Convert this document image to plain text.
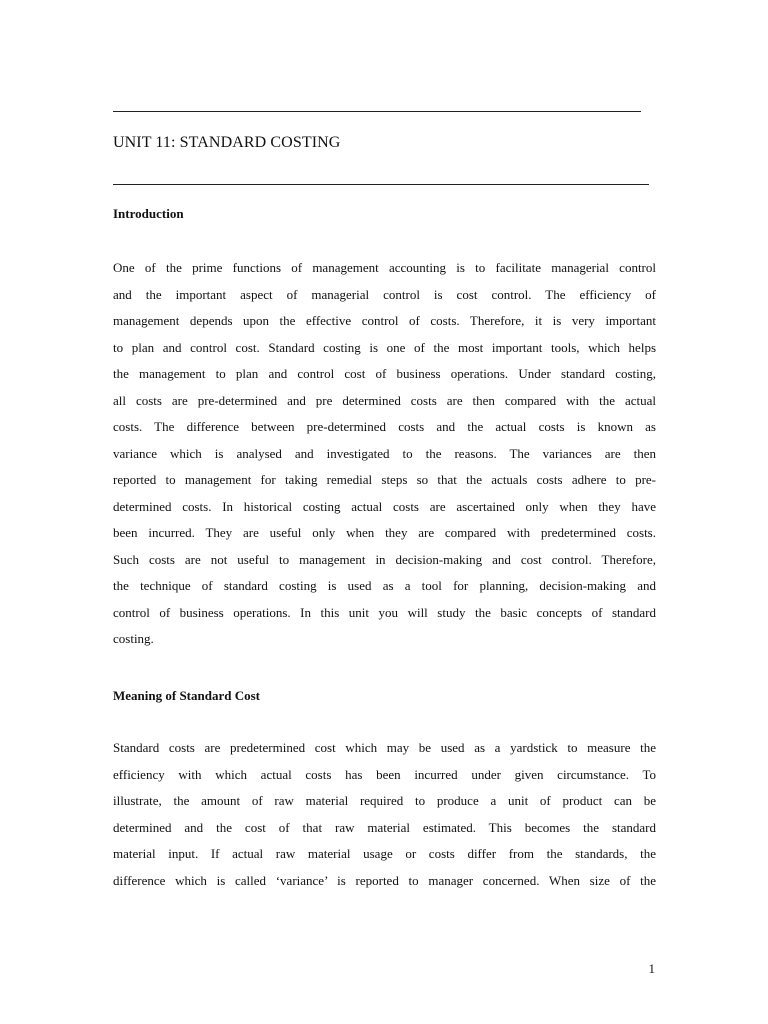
UNIT 11: STANDARD COSTING
Introduction
One of the prime functions of management accounting is to facilitate managerial control
and the important aspect of managerial control is cost control. The efficiency of
management depends upon the effective control of costs. Therefore, it is very important
to plan and control cost. Standard costing is one of the most important tools, which helps
the management to plan and control cost of business operations. Under standard costing,
all costs are pre-determined and pre determined costs are then compared with the actual
costs. The difference between pre-determined costs and the actual costs is known as
variance which is analysed and investigated to the reasons. The variances are then
reported to management for taking remedial steps so that the actuals costs adhere to pre-
determined costs. In historical costing actual costs are ascertained only when they have
been incurred. They are useful only when they are compared with predetermined costs.
Such costs are not useful to management in decision-making and cost control. Therefore,
the technique of standard costing is used as a tool for planning, decision-making and
control of business operations. In this unit you will study the basic concepts of standard
costing.
Meaning of Standard Cost
Standard costs are predetermined cost which may be used as a yardstick to measure the
efficiency with which actual costs has been incurred under given circumstance. To
illustrate, the amount of raw material required to produce a unit of product can be
determined and the cost of that raw material estimated. This becomes the standard
material input. If actual raw material usage or costs differ from the standards, the
difference which is called ‘variance’ is reported to manager concerned. When size of the
1
